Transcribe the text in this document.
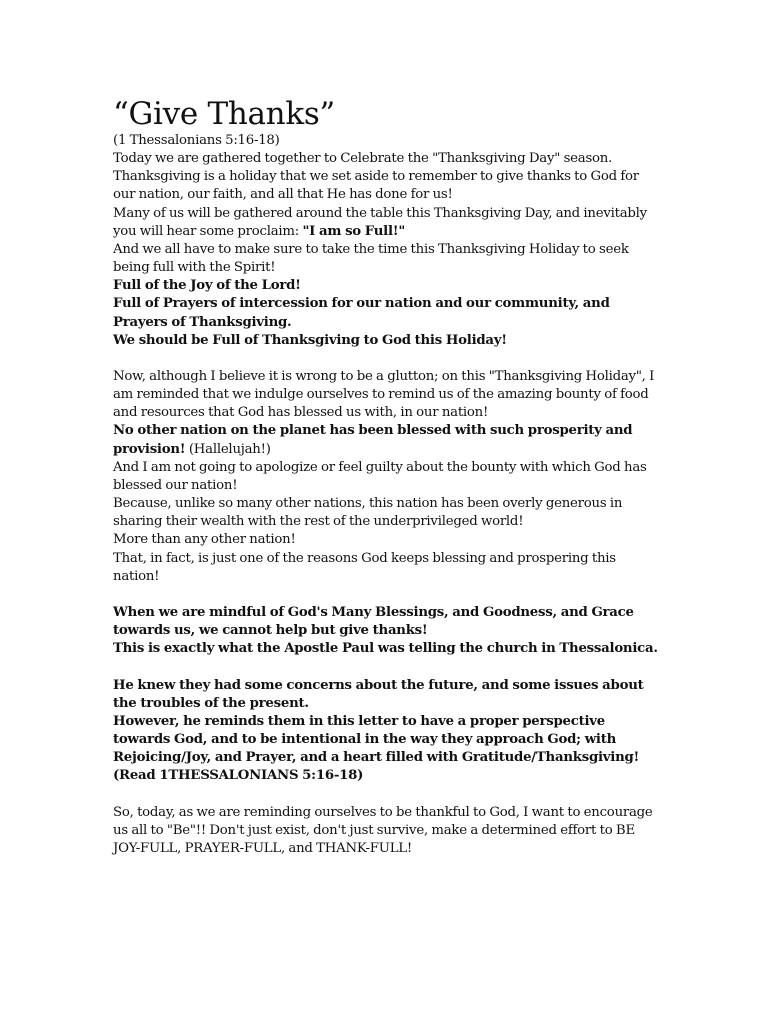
“Give Thanks”
(1 Thessalonians 5:16-18)
Today we are gathered together to Celebrate the "Thanksgiving Day" season. Thanksgiving is a holiday that we set aside to remember to give thanks to God for our nation, our faith, and all that He has done for us!
Many of us will be gathered around the table this Thanksgiving Day, and inevitably you will hear some proclaim: "I am so Full!"
And we all have to make sure to take the time this Thanksgiving Holiday to seek being full with the Spirit!
Full of the Joy of the Lord!
Full of Prayers of intercession for our nation and our community, and Prayers of Thanksgiving.
We should be Full of Thanksgiving to God this Holiday!
Now, although I believe it is wrong to be a glutton; on this "Thanksgiving Holiday", I am reminded that we indulge ourselves to remind us of the amazing bounty of food and resources that God has blessed us with, in our nation!
No other nation on the planet has been blessed with such prosperity and provision! (Hallelujah!)
And I am not going to apologize or feel guilty about the bounty with which God has blessed our nation!
Because, unlike so many other nations, this nation has been overly generous in sharing their wealth with the rest of the underprivileged world!
More than any other nation!
That, in fact, is just one of the reasons God keeps blessing and prospering this nation!
When we are mindful of God's Many Blessings, and Goodness, and Grace towards us, we cannot help but give thanks!
This is exactly what the Apostle Paul was telling the church in Thessalonica.
He knew they had some concerns about the future, and some issues about the troubles of the present.
However, he reminds them in this letter to have a proper perspective towards God, and to be intentional in the way they approach God; with Rejoicing/Joy, and Prayer, and a heart filled with Gratitude/Thanksgiving!
(Read 1THESSALONIANS 5:16-18)
So, today, as we are reminding ourselves to be thankful to God, I want to encourage us all to "Be"!! Don't just exist, don't just survive, make a determined effort to BE JOY-FULL, PRAYER-FULL, and THANK-FULL!
